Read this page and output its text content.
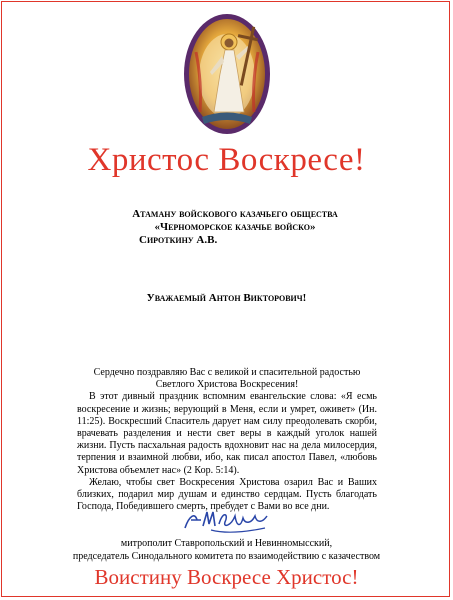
Христос Воскресе!
Атаману войскового казачьего общества
«Черноморское казачье войско»
Сироткину А.В.
Уважаемый Антон Викторович!

Сердечно поздравляю Вас с великой и спасительной радостью Светлого Христова Воскресения!

В этот дивный праздник вспомним евангельские слова: «Я есмь воскресение и жизнь; верующий в Меня, если и умрет, оживет» (Ин. 11:25). Воскресший Спаситель дарует нам силу преодолевать скорби, врачевать разделения и нести свет веры в каждый уголок нашей жизни. Пусть пасхальная радость вдохновит нас на дела милосердия, терпения и взаимной любви, ибо, как писал апостол Павел, «любовь Христова объемлет нас» (2 Кор. 5:14).

Желаю, чтобы свет Воскресения Христова озарил Вас и Ваших близких, подарил мир душам и единство сердцам. Пусть благодать Господа, Победившего смерть, пребудет с Вами во все дни.

митрополит Ставропольский и Невинномысский,
председатель Синодального комитета по взаимодействию с казачеством
Воистину Воскресе Христос!
